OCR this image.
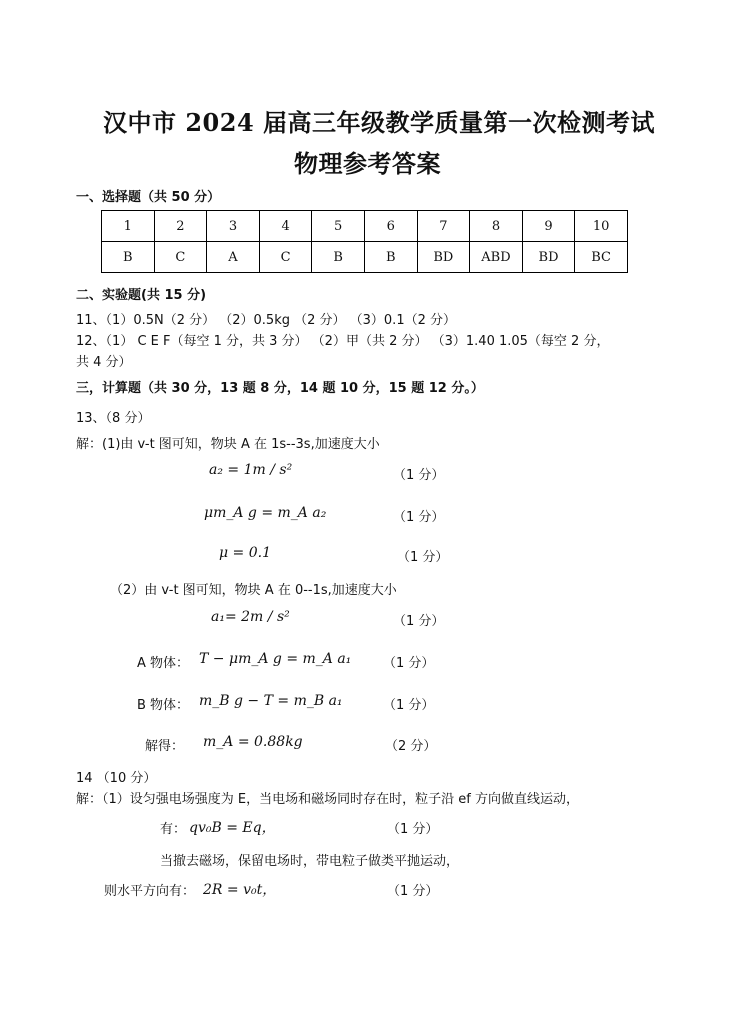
汉中市 2024 届高三年级教学质量第一次检测考试
物理参考答案
一、选择题（共 50 分）
1	2	3	4	5	6	7	8	9	10
B	C	A	C	B	B	BD	ABD	BD	BC
二、实验题(共 15 分)
11、（1）0.5N（2 分） （2）0.5kg （2 分） （3）0.1（2 分）
12、（1） C E F（每空 1 分，共 3 分） （2）甲（共 2 分） （3）1.40 1.05（每空 2 分，
共 4 分）
三，计算题（共 30 分，13 题 8 分，14 题 10 分，15 题 12 分。）
13、（8 分）
解：(1)由 v-t 图可知，物块 A 在 1s--3s,加速度大小
a₂ = 1m / s²	（1 分）
μm_A g = m_A a₂	（1 分）
μ = 0.1	（1 分）
（2）由 v-t 图可知，物块 A 在 0--1s,加速度大小
a₁= 2m / s²	（1 分）
A 物体： T − μm_A g = m_A a₁ （1 分）
B 物体： m_B g − T = m_B a₁	（1 分）
解得： m_A = 0.88kg	（2 分）
14 （10 分）
解：（1）设匀强电场强度为 E，当电场和磁场同时存在时，粒子沿 ef 方向做直线运动，
有： qv₀B = Eq，	（1 分）
当撤去磁场，保留电场时，带电粒子做类平抛运动，
则水平方向有： 2R = v₀t，	（1 分）
